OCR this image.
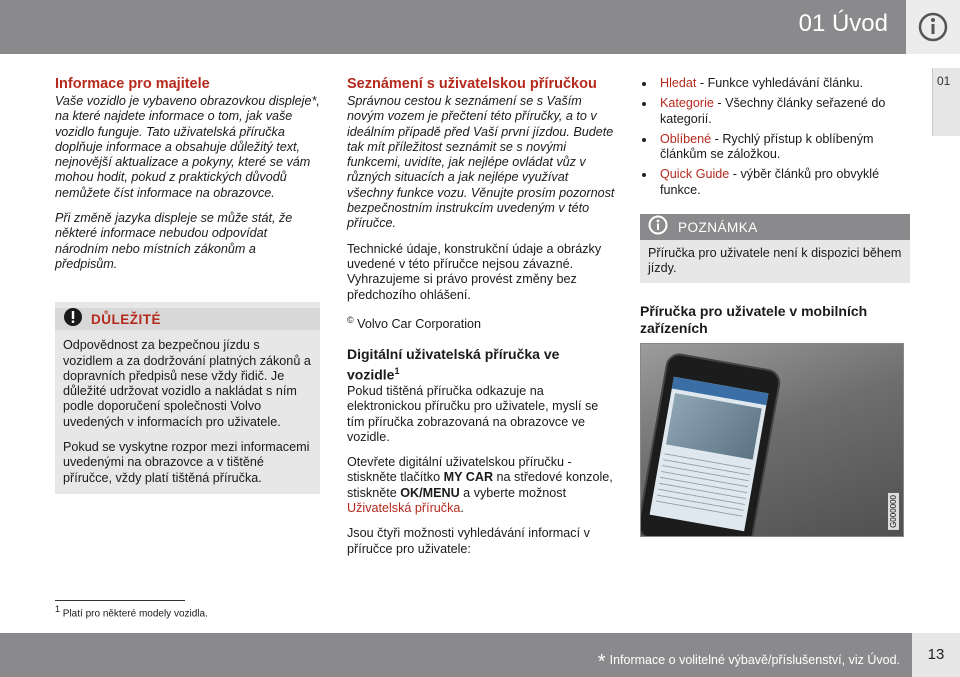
01 Úvod
01
Informace pro majitele

Vaše vozidlo je vybaveno obrazovkou displeje*, na které najdete informace o tom, jak vaše vozidlo funguje. Tato uživatelská příručka doplňuje informace a obsahuje důležitý text, nejnovější aktualizace a pokyny, které se vám mohou hodit, pokud z praktických důvodů nemůžete číst informace na obrazovce.

Při změně jazyka displeje se může stát, že některé informace nebudou odpovídat národním nebo místních zákonům a předpisům.

DŮLEŽITÉ

Odpovědnost za bezpečnou jízdu s vozidlem a za dodržování platných zákonů a dopravních předpisů nese vždy řidič. Je důležité udržovat vozidlo a nakládat s ním podle doporučení společnosti Volvo uvedených v informacích pro uživatele.

Pokud se vyskytne rozpor mezi informacemi uvedenými na obrazovce a v tištěné příručce, vždy platí tištěná příručka.

Seznámení s uživatelskou příručkou

Správnou cestou k seznámení se s Vaším novým vozem je přečtení této příručky, a to v ideálním případě před Vaší první jízdou. Budete tak mít příležitost seznámit se s novými funkcemi, uvidíte, jak nejlépe ovládat vůz v různých situacích a jak nejlépe využívat všechny funkce vozu. Věnujte prosím pozornost bezpečnostním instrukcím uvedeným v této příručce.

Technické údaje, konstrukční údaje a obrázky uvedené v této příručce nejsou závazné. Vyhrazujeme si právo provést změny bez předchozího ohlášení.

© Volvo Car Corporation

Digitální uživatelská příručka ve vozidle$^1$

Pokud tištěná příručka odkazuje na elektronickou příručku pro uživatele, myslí se tím příručka zobrazovaná na obrazovce ve vozidle.

Otevřete digitální uživatelskou příručku - stiskněte tlačítko MY CAR na středové konzole, stiskněte OK/MENU a vyberte možnost Uživatelská příručka.

Jsou čtyři možnosti vyhledávání informací v příručce pro uživatele:

Hledat - Funkce vyhledávání článku.
Kategorie - Všechny články seřazené do kategorií.
Oblíbené - Rychlý přístup k oblíbeným článkům se záložkou.
Quick Guide - výběr článků pro obvyklé funkce.
POZNÁMKA

Příručka pro uživatele není k dispozici během jízdy.

Příručka pro uživatele v mobilních zařízeních
G000000
$^1$ Platí pro některé modely vozidla.
* Informace o volitelné výbavě/příslušenství, viz Úvod.	13
